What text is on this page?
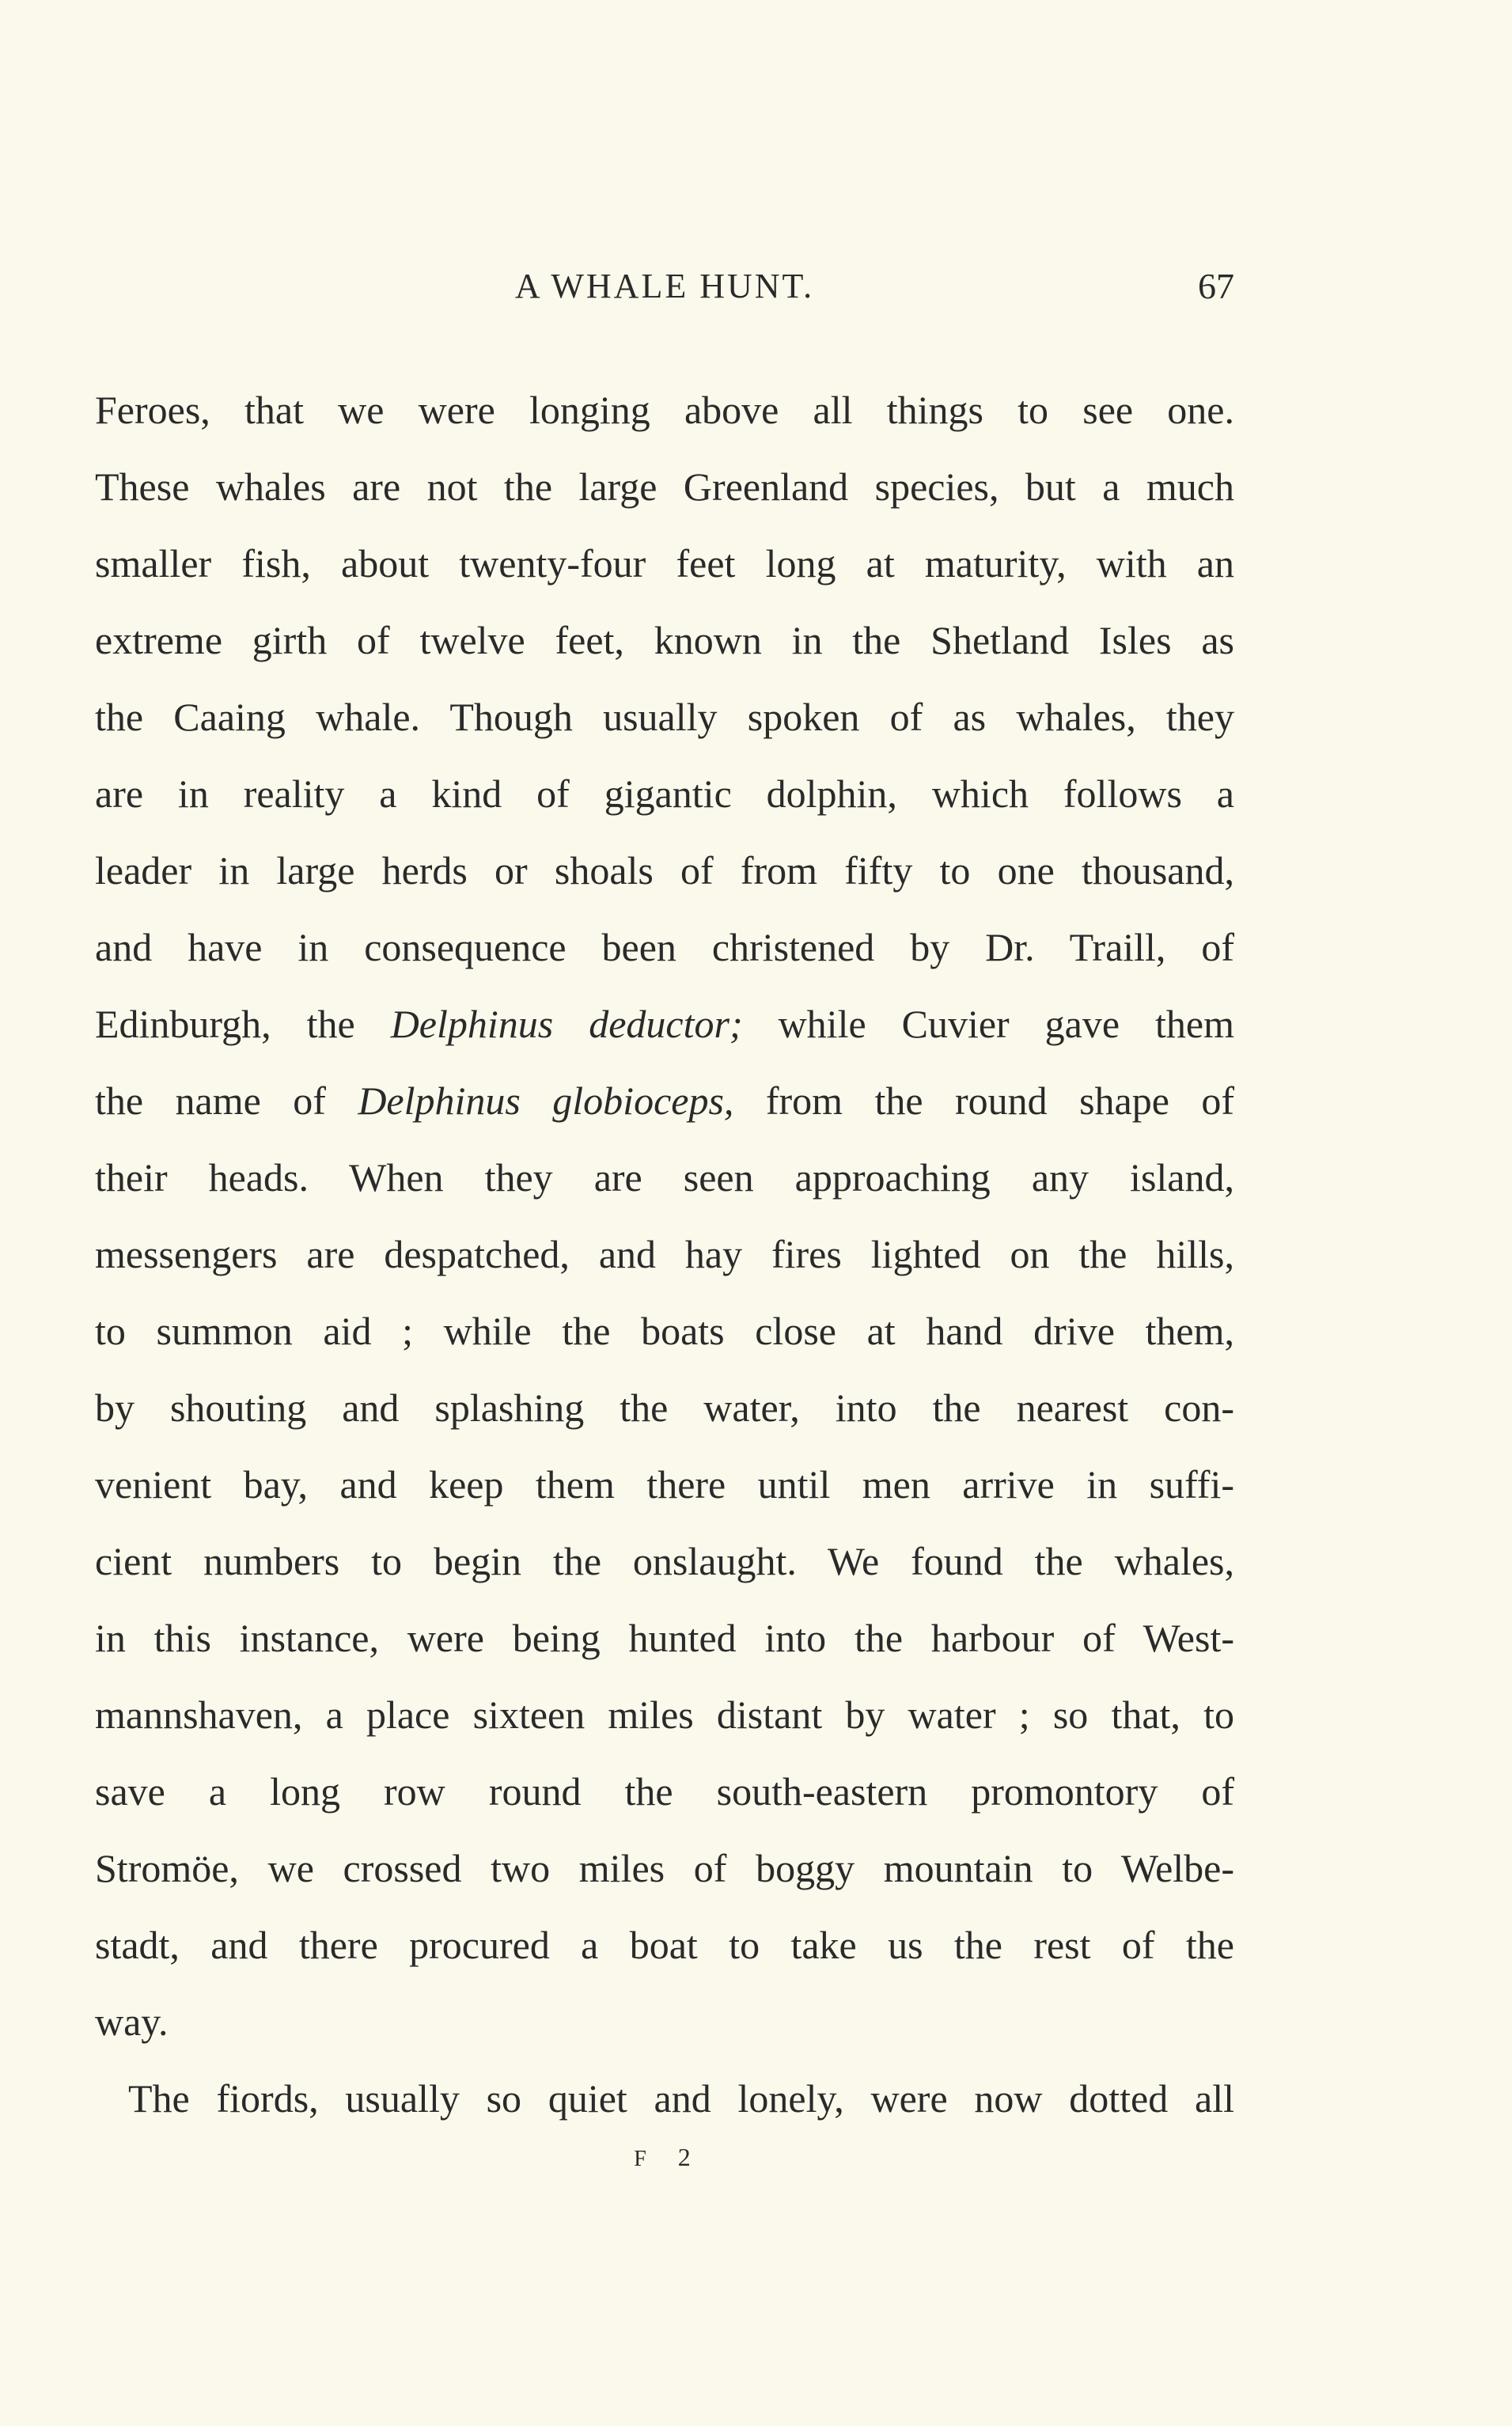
A WHALE HUNT.	67
Feroes, that we were longing above all things to see one.
These whales are not the large Greenland species, but a much
smaller fish, about twenty-four feet long at maturity, with an
extreme girth of twelve feet, known in the Shetland Isles as
the Caaing whale. Though usually spoken of as whales, they
are in reality a kind of gigantic dolphin, which follows a
leader in large herds or shoals of from fifty to one thousand,
and have in consequence been christened by Dr. Traill, of
Edinburgh, the Delphinus deductor; while Cuvier gave them
the name of Delphinus globioceps, from the round shape of
their heads. When they are seen approaching any island,
messengers are despatched, and hay fires lighted on the hills,
to summon aid ; while the boats close at hand drive them,
by shouting and splashing the water, into the nearest con-
venient bay, and keep them there until men arrive in suffi-
cient numbers to begin the onslaught. We found the whales,
in this instance, were being hunted into the harbour of West-
mannshaven, a place sixteen miles distant by water ; so that, to
save a long row round the south-eastern promontory of
Stromöe, we crossed two miles of boggy mountain to Welbe-
stadt, and there procured a boat to take us the rest of the
way.
The fiords, usually so quiet and lonely, were now dotted all
F 2
